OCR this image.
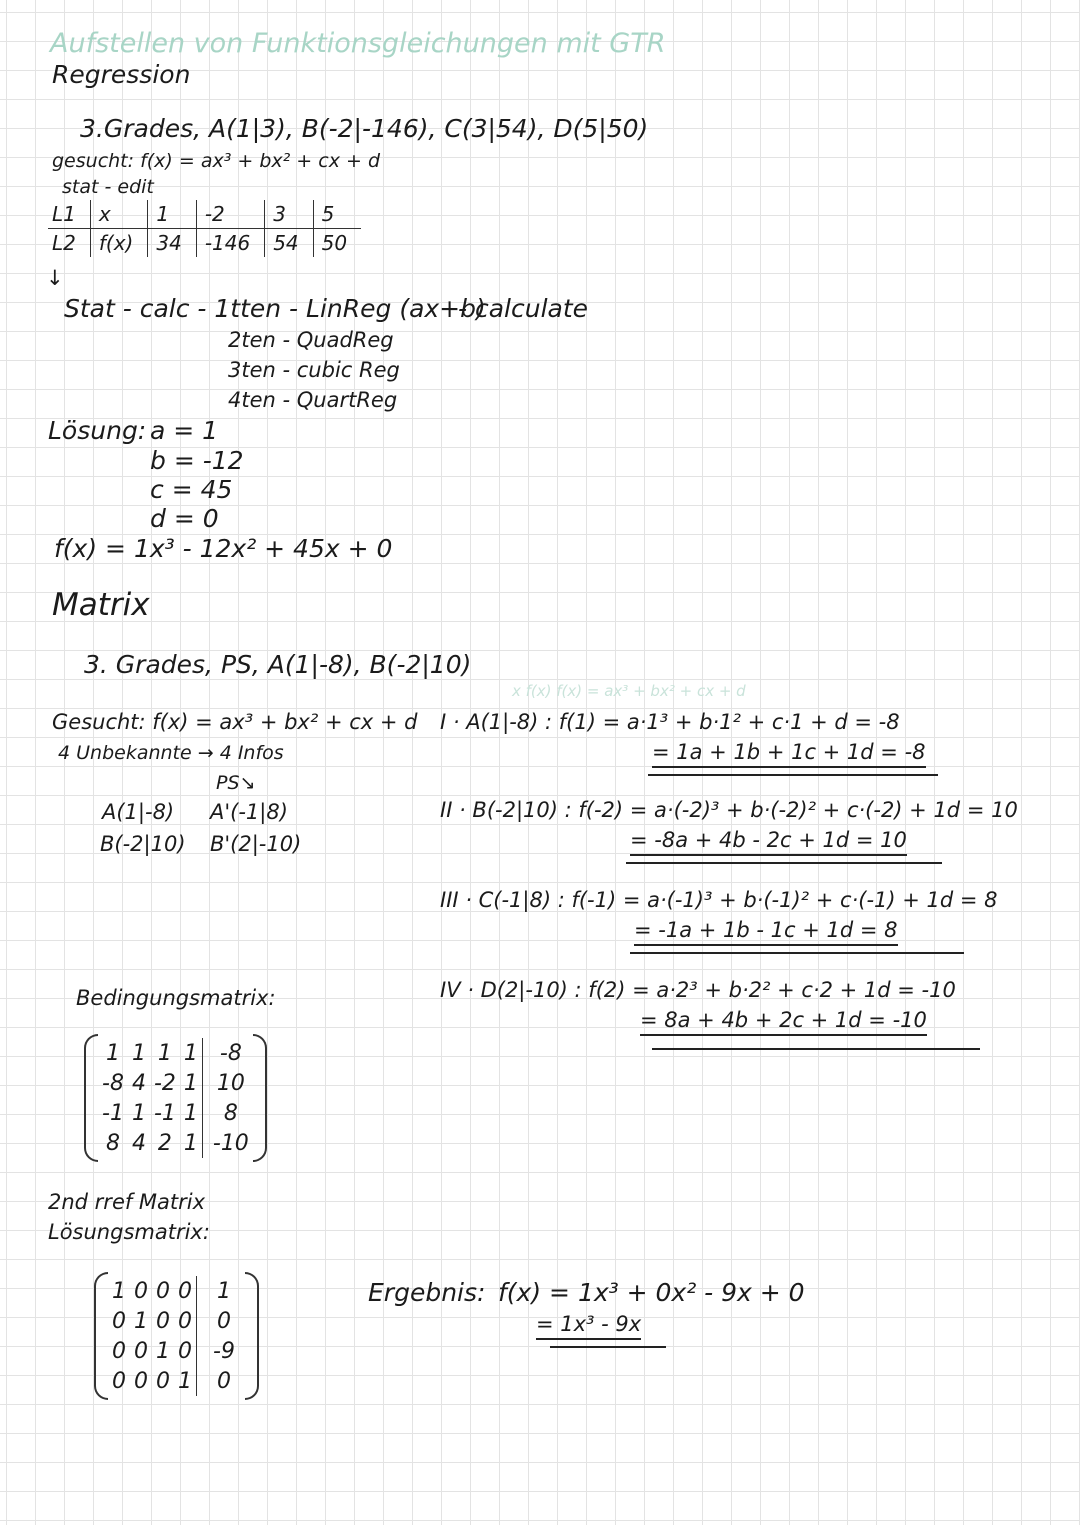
Aufstellen von Funktionsgleichungen mit GTR
Regression
3.Grades, A(1|3), B(-2|-146), C(3|54), D(5|50)
gesucht: f(x) = ax³ + bx² + cx + d
stat - edit
L1	x	1	-2	3	5
L2	f(x)	34	-146	54	50
↓
Stat - calc - 1tten - LinReg (ax+b)
- calculate
2ten - QuadReg
3ten - cubic Reg
4ten - QuartReg
Lösung: a = 1
b = -12
c = 45
d = 0
f(x) = 1x³ - 12x² + 45x + 0
Matrix
3. Grades, PS, A(1|-8), B(-2|10)
x f(x) f(x) = ax³ + bx² + cx + d
Gesucht: f(x) = ax³ + bx² + cx + d
4 Unbekannte → 4 Infos
PS↘
A(1|-8) A'(-1|8)
B(-2|10) B'(2|-10)
I · A(1|-8) : f(1) = a·1³ + b·1² + c·1 + d = -8
= 1a + 1b + 1c + 1d = -8
II · B(-2|10) : f(-2) = a·(-2)³ + b·(-2)² + c·(-2) + 1d = 10
= -8a + 4b - 2c + 1d = 10
III · C(-1|8) : f(-1) = a·(-1)³ + b·(-1)² + c·(-1) + 1d = 8
= -1a + 1b - 1c + 1d = 8
IV · D(2|-10) : f(2) = a·2³ + b·2² + c·2 + 1d = -10
= 8a + 4b + 2c + 1d = -10
Bedingungsmatrix:
1	1	1	1	-8
-8	4	-2	1	10
-1	1	-1	1	8
8	4	2	1	-10
2nd rref Matrix
Lösungsmatrix:
1	0	0	0	1
0	1	0	0	0
0	0	1	0	-9
0	0	0	1	0
Ergebnis: f(x) = 1x³ + 0x² - 9x + 0
= 1x³ - 9x
